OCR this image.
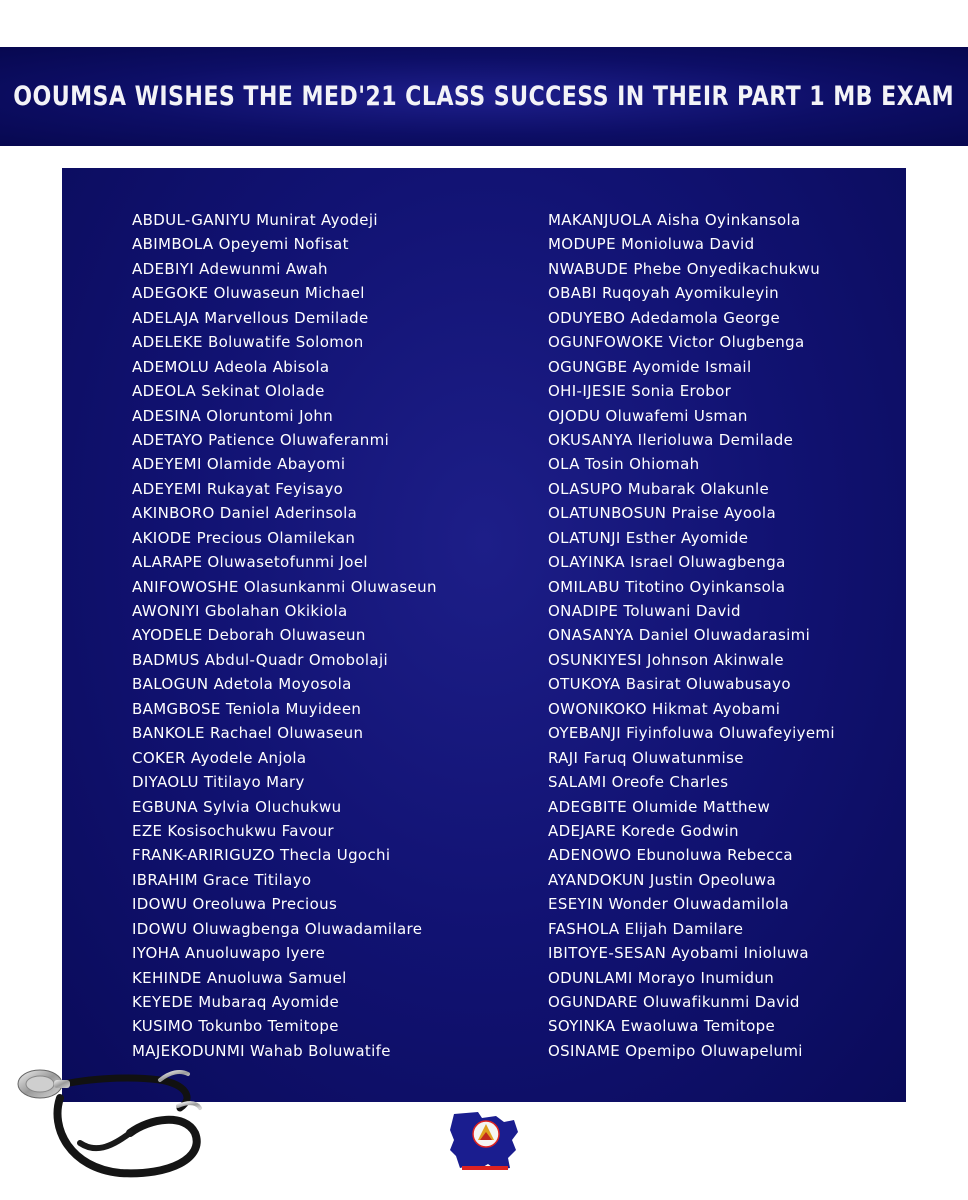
OOUMSA WISHES THE MED'21 CLASS SUCCESS IN THEIR PART 1 MB EXAM
ABDUL-GANIYU Munirat Ayodeji
ABIMBOLA Opeyemi Nofisat
ADEBIYI Adewunmi Awah
ADEGOKE Oluwaseun Michael
ADELAJA Marvellous Demilade
ADELEKE Boluwatife Solomon
ADEMOLU Adeola Abisola
ADEOLA Sekinat Ololade
ADESINA Oloruntomi John
ADETAYO Patience Oluwaferanmi
ADEYEMI Olamide Abayomi
ADEYEMI Rukayat Feyisayo
AKINBORO Daniel Aderinsola
AKIODE Precious Olamilekan
ALARAPE Oluwasetofunmi Joel
ANIFOWOSHE Olasunkanmi Oluwaseun
AWONIYI Gbolahan Okikiola
AYODELE Deborah Oluwaseun
BADMUS Abdul-Quadr Omobolaji
BALOGUN Adetola Moyosola
BAMGBOSE Teniola Muyideen
BANKOLE Rachael Oluwaseun
COKER Ayodele Anjola
DIYAOLU Titilayo Mary
EGBUNA Sylvia Oluchukwu
EZE Kosisochukwu Favour
FRANK-ARIRIGUZO Thecla Ugochi
IBRAHIM Grace Titilayo
IDOWU Oreoluwa Precious
IDOWU Oluwagbenga Oluwadamilare
IYOHA Anuoluwapo Iyere
KEHINDE Anuoluwa Samuel
KEYEDE Mubaraq Ayomide
KUSIMO Tokunbo Temitope
MAJEKODUNMI Wahab Boluwatife
MAKANJUOLA Aisha Oyinkansola
MODUPE Monioluwa David
NWABUDE Phebe Onyedikachukwu
OBABI Ruqoyah Ayomikuleyin
ODUYEBO Adedamola George
OGUNFOWOKE Victor Olugbenga
OGUNGBE Ayomide Ismail
OHI-IJESIE Sonia Erobor
OJODU Oluwafemi Usman
OKUSANYA Ilerioluwa Demilade
OLA Tosin Ohiomah
OLASUPO Mubarak Olakunle
OLATUNBOSUN Praise Ayoola
OLATUNJI Esther Ayomide
OLAYINKA Israel Oluwagbenga
OMILABU Titotino Oyinkansola
ONADIPE Toluwani David
ONASANYA Daniel Oluwadarasimi
OSUNKIYESI Johnson Akinwale
OTUKOYA Basirat Oluwabusayo
OWONIKOKO Hikmat Ayobami
OYEBANJI Fiyinfoluwa Oluwafeyiyemi
RAJI Faruq Oluwatunmise
SALAMI Oreofe Charles
ADEGBITE Olumide Matthew
ADEJARE Korede Godwin
ADENOWO Ebunoluwa Rebecca
AYANDOKUN Justin Opeoluwa
ESEYIN Wonder Oluwadamilola
FASHOLA Elijah Damilare
IBITOYE-SESAN Ayobami Inioluwa
ODUNLAMI Morayo Inumidun
OGUNDARE Oluwafikunmi David
SOYINKA Ewaoluwa Temitope
OSINAME Opemipo Oluwapelumi
